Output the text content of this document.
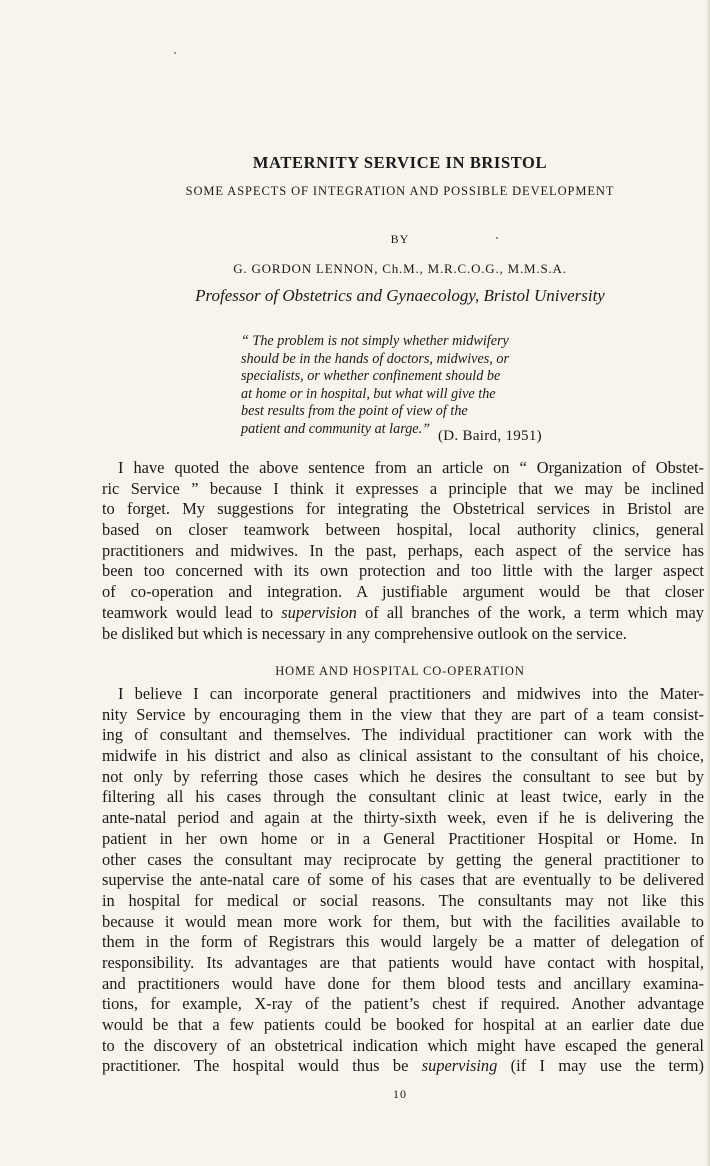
MATERNITY SERVICE IN BRISTOL
SOME ASPECTS OF INTEGRATION AND POSSIBLE DEVELOPMENT
BY
G. GORDON LENNON, Ch.M., M.R.C.O.G., M.M.S.A.
Professor of Obstetrics and Gynaecology, Bristol University
“ The problem is not simply whether midwifery
should be in the hands of doctors, midwives, or
specialists, or whether confinement should be
at home or in hospital, but what will give the
best results from the point of view of the
patient and community at large.” (D. Baird, 1951)
I have quoted the above sentence from an article on “ Organization of Obstet-
ric Service ” because I think it expresses a principle that we may be inclined
to forget. My suggestions for integrating the Obstetrical services in Bristol are
based on closer teamwork between hospital, local authority clinics, general
practitioners and midwives. In the past, perhaps, each aspect of the service has
been too concerned with its own protection and too little with the larger aspect
of co-operation and integration. A justifiable argument would be that closer
teamwork would lead to supervision of all branches of the work, a term which may
be disliked but which is necessary in any comprehensive outlook on the service.
HOME AND HOSPITAL CO-OPERATION
I believe I can incorporate general practitioners and midwives into the Mater-
nity Service by encouraging them in the view that they are part of a team consist-
ing of consultant and themselves. The individual practitioner can work with the
midwife in his district and also as clinical assistant to the consultant of his choice,
not only by referring those cases which he desires the consultant to see but by
filtering all his cases through the consultant clinic at least twice, early in the
ante-natal period and again at the thirty-sixth week, even if he is delivering the
patient in her own home or in a General Practitioner Hospital or Home. In
other cases the consultant may reciprocate by getting the general practitioner to
supervise the ante-natal care of some of his cases that are eventually to be delivered
in hospital for medical or social reasons. The consultants may not like this
because it would mean more work for them, but with the facilities available to
them in the form of Registrars this would largely be a matter of delegation of
responsibility. Its advantages are that patients would have contact with hospital,
and practitioners would have done for them blood tests and ancillary examina-
tions, for example, X-ray of the patient’s chest if required. Another advantage
would be that a few patients could be booked for hospital at an earlier date due
to the discovery of an obstetrical indication which might have escaped the general
practitioner. The hospital would thus be supervising (if I may use the term)
10
